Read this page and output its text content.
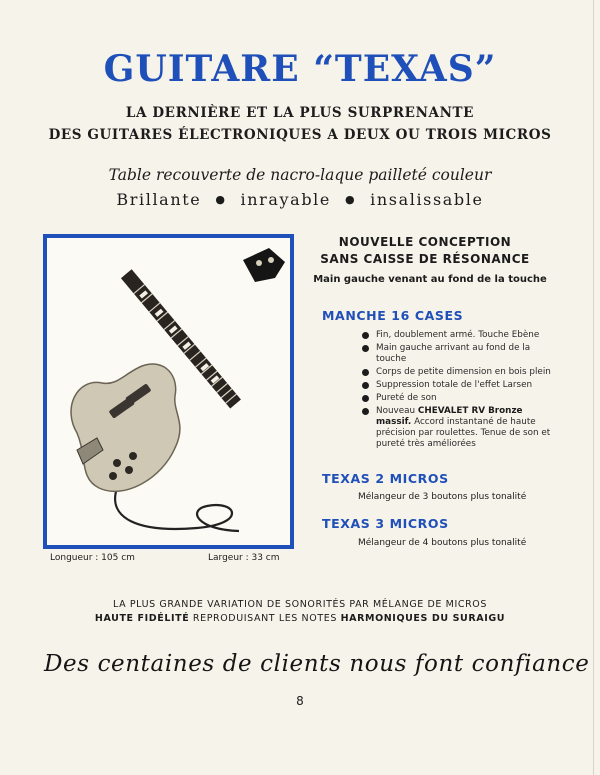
GUITARE “TEXAS”
LA DERNIÈRE ET LA PLUS SURPRENANTE
DES GUITARES ÉLECTRONIQUES A DEUX OU TROIS MICROS
Table recouverte de nacro-laque pailleté couleur
Brillante ● inrayable ● insalissable
Longueur : 105 cm	Largeur : 33 cm
NOUVELLE CONCEPTION
SANS CAISSE DE RÉSONANCE
Main gauche venant au fond de la touche
MANCHE 16 CASES
Fin, doublement armé. Touche Ebène
Main gauche arrivant au fond de la touche
Corps de petite dimension en bois plein
Suppression totale de l'effet Larsen
Pureté de son
Nouveau CHEVALET RV Bronze massif. Accord instantané de haute précision par roulettes. Tenue de son et pureté très améliorées
TEXAS 2 MICROS
Mélangeur de 3 boutons plus tonalité
TEXAS 3 MICROS
Mélangeur de 4 boutons plus tonalité
LA PLUS GRANDE VARIATION DE SONORITÉS PAR MÉLANGE DE MICROS
HAUTE FIDÉLITÉ REPRODUISANT LES NOTES HARMONIQUES DU SURAIGU
Des centaines de clients nous font confiance
8
